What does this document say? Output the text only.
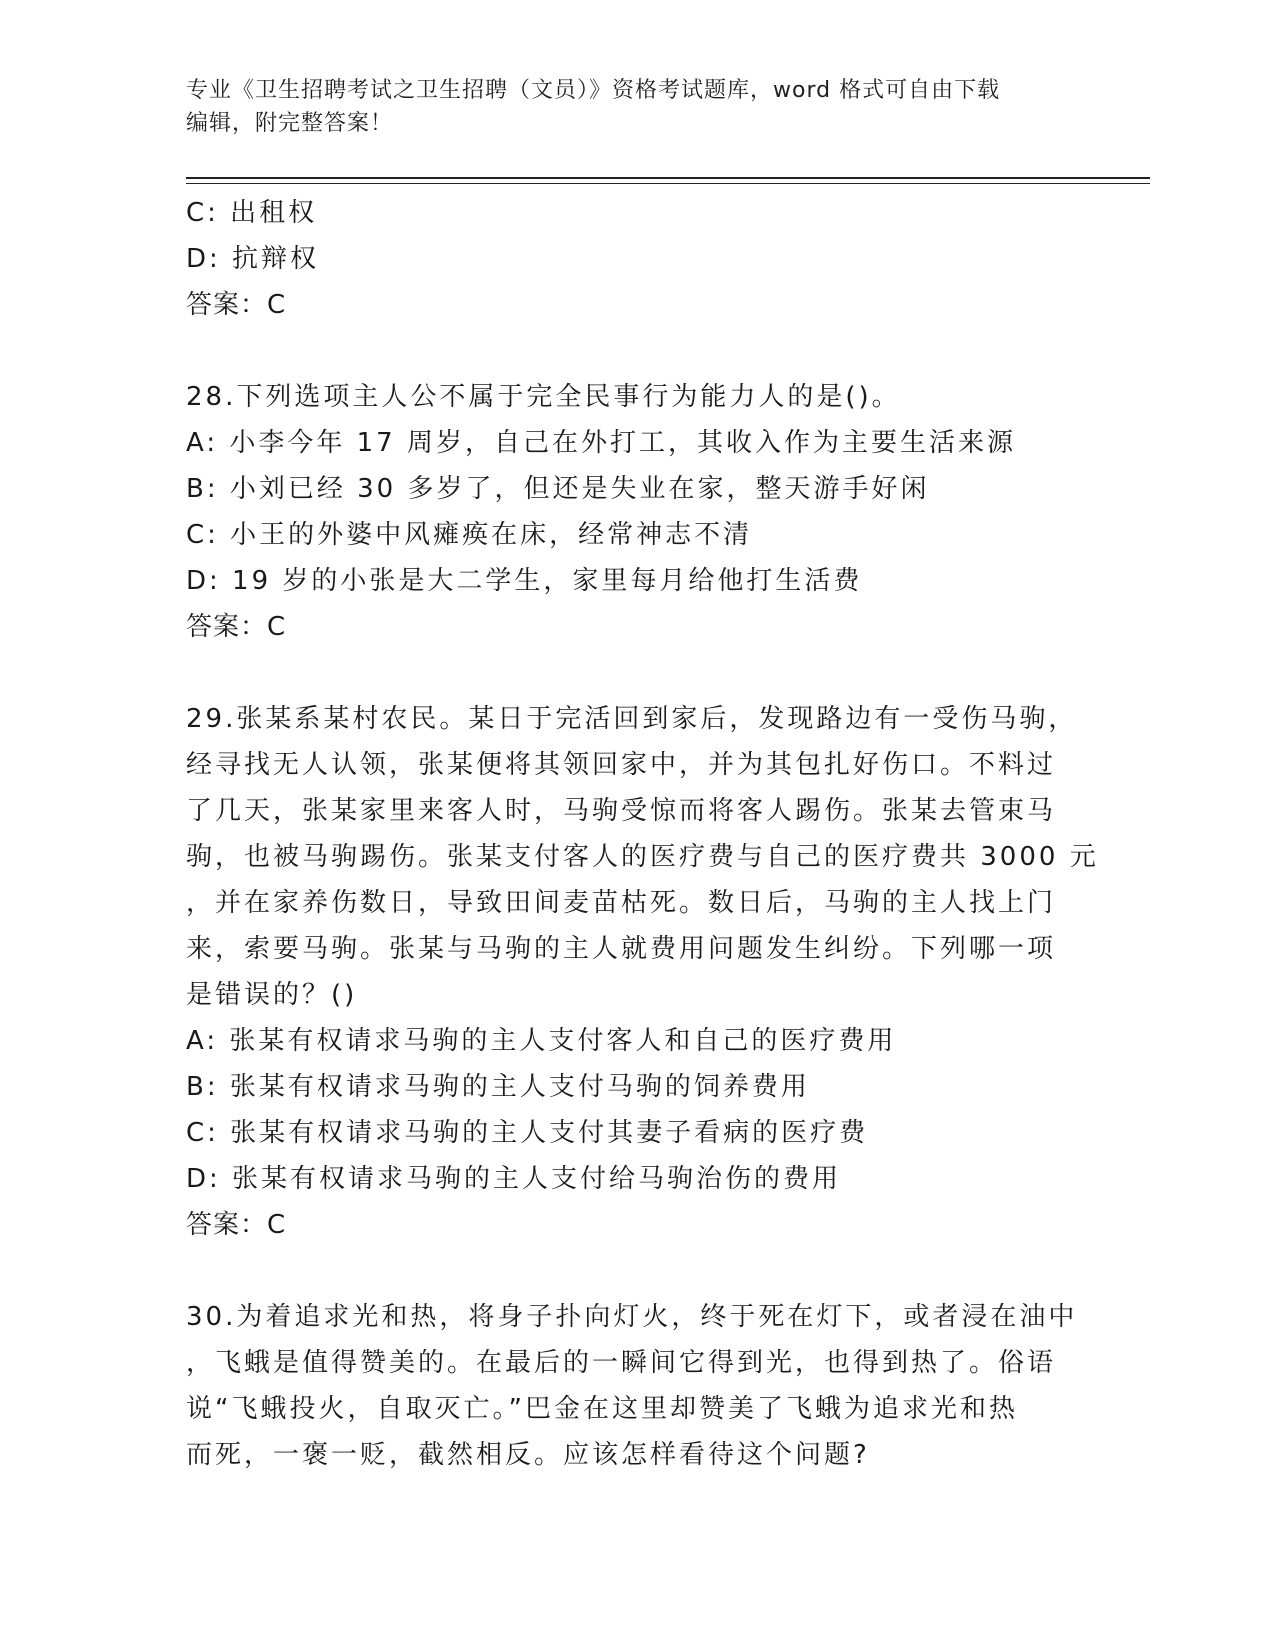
专业《卫生招聘考试之卫生招聘（文员）》资格考试题库，word 格式可自由下载
编辑，附完整答案！
C: 出租权
D: 抗辩权
答案：C
28.下列选项主人公不属于完全民事行为能力人的是()。
A: 小李今年 17 周岁，自己在外打工，其收入作为主要生活来源
B: 小刘已经 30 多岁了，但还是失业在家，整天游手好闲
C: 小王的外婆中风瘫痪在床，经常神志不清
D: 19 岁的小张是大二学生，家里每月给他打生活费
答案：C
29.张某系某村农民。某日于完活回到家后，发现路边有一受伤马驹，
经寻找无人认领，张某便将其领回家中，并为其包扎好伤口。不料过
了几天，张某家里来客人时，马驹受惊而将客人踢伤。张某去管束马
驹，也被马驹踢伤。张某支付客人的医疗费与自己的医疗费共 3000 元
，并在家养伤数日，导致田间麦苗枯死。数日后，马驹的主人找上门
来，索要马驹。张某与马驹的主人就费用问题发生纠纷。下列哪一项
是错误的？()
A: 张某有权请求马驹的主人支付客人和自己的医疗费用
B: 张某有权请求马驹的主人支付马驹的饲养费用
C: 张某有权请求马驹的主人支付其妻子看病的医疗费
D: 张某有权请求马驹的主人支付给马驹治伤的费用
答案：C
30.为着追求光和热，将身子扑向灯火，终于死在灯下，或者浸在油中
，飞蛾是值得赞美的。在最后的一瞬间它得到光，也得到热了。俗语
说“飞蛾投火，自取灭亡。”巴金在这里却赞美了飞蛾为追求光和热
而死，一褒一贬，截然相反。应该怎样看待这个问题?
